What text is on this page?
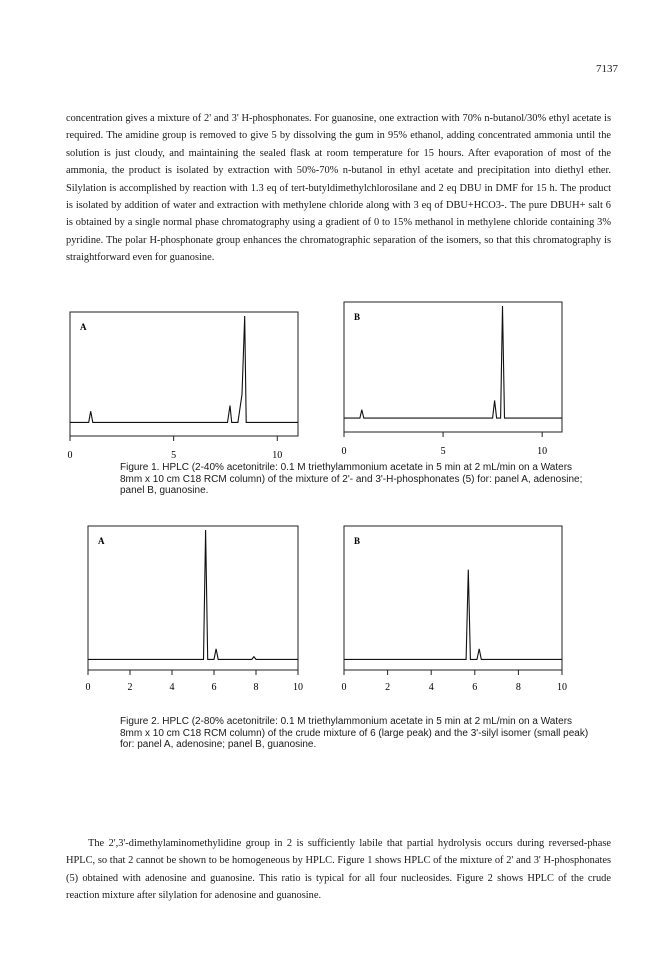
7137

concentration gives a mixture of 2' and 3' H-phosphonates. For guanosine, one extraction with 70% n-butanol/30% ethyl acetate is required. The amidine group is removed to give 5 by dissolving the gum in 95% ethanol, adding concentrated ammonia until the solution is just cloudy, and maintaining the sealed flask at room temperature for 15 hours. After evaporation of most of the ammonia, the product is isolated by extraction with 50%-70% n-butanol in ethyl acetate and precipitation into diethyl ether. Silylation is accomplished by reaction with 1.3 eq of tert-butyldimethylchlorosilane and 2 eq DBU in DMF for 15 h. The product is isolated by addition of water and extraction with methylene chloride along with 3 eq of DBU+HCO3-. The pure DBUH+ salt 6 is obtained by a single normal phase chromatography using a gradient of 0 to 15% methanol in methylene chloride containing 3% pyridine. The polar H-phosphonate group enhances the chromatographic separation of the isomers, so that this chromatography is straightforward even for guanosine.

A
0	5	10
B
0	5	10

Figure 1. HPLC (2-40% acetonitrile: 0.1 M triethylammonium acetate in 5 min at 2 mL/min on a Waters 8mm x 10 cm C18 RCM column) of the mixture of 2'- and 3'-H-phosphonates (5) for: panel A, adenosine; panel B, guanosine.

A
0	2	4	6	8	10
B
0	2	4	6	8	10

Figure 2. HPLC (2-80% acetonitrile: 0.1 M triethylammonium acetate in 5 min at 2 mL/min on a Waters 8mm x 10 cm C18 RCM column) of the crude mixture of 6 (large peak) and the 3'-silyl isomer (small peak) for: panel A, adenosine; panel B, guanosine.

The 2',3'-dimethylaminomethylidine group in 2 is sufficiently labile that partial hydrolysis occurs during reversed-phase HPLC, so that 2 cannot be shown to be homogeneous by HPLC. Figure 1 shows HPLC of the mixture of 2' and 3' H-phosphonates (5) obtained with adenosine and guanosine. This ratio is typical for all four nucleosides. Figure 2 shows HPLC of the crude reaction mixture after silylation for adenosine and guanosine.
